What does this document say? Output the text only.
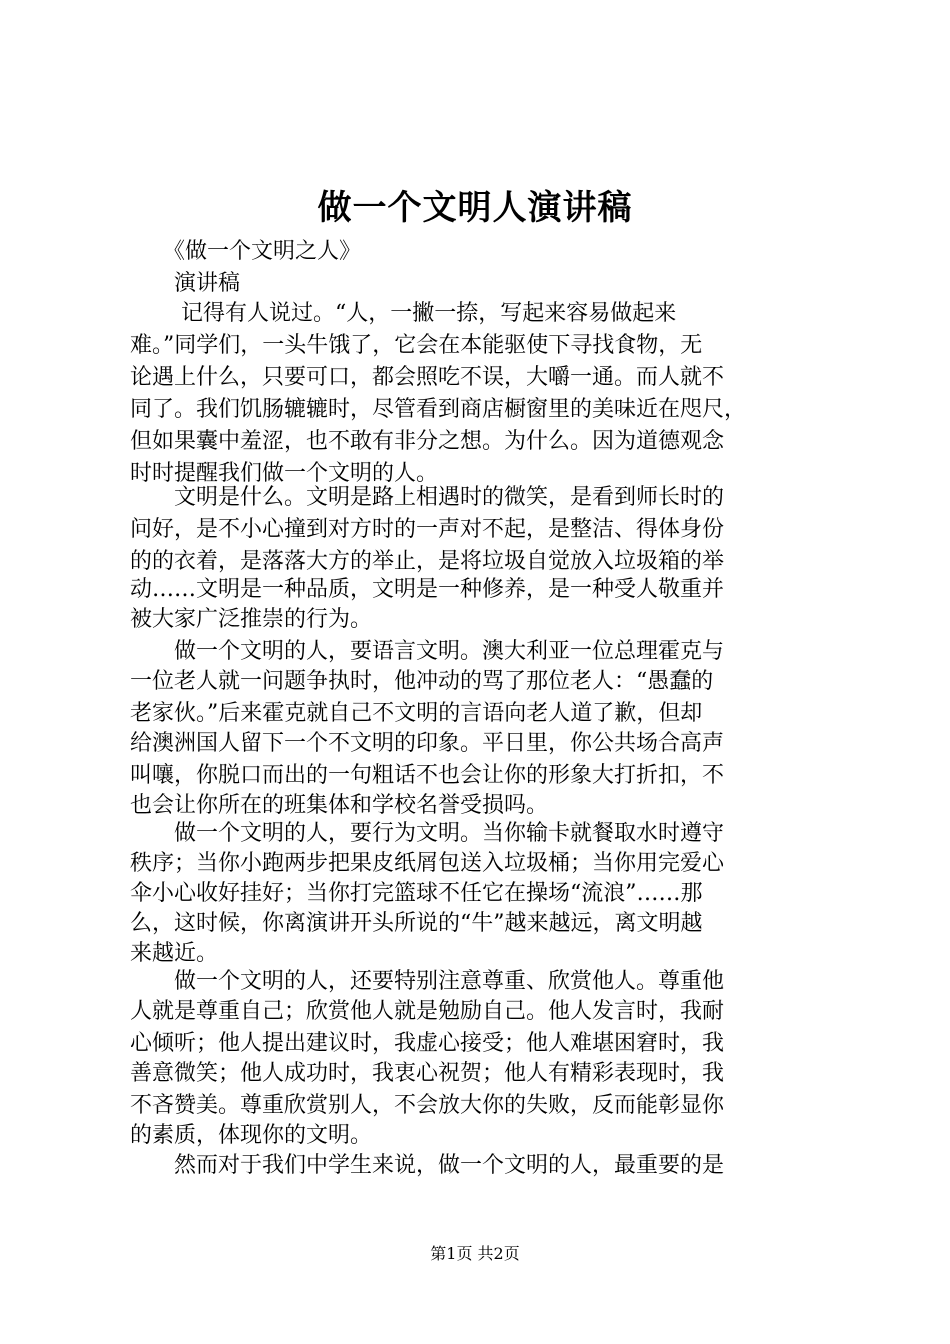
做一个文明人演讲稿
　　《做一个文明之人》
　　演讲稿
　　 记得有人说过。“人，一撇一捺，写起来容易做起来
难。”同学们，一头牛饿了，它会在本能驱使下寻找食物，无
论遇上什么，只要可口，都会照吃不误，大嚼一通。而人就不
同了。我们饥肠辘辘时，尽管看到商店橱窗里的美味近在咫尺，
但如果囊中羞涩，也不敢有非分之想。为什么。因为道德观念
时时提醒我们做一个文明的人。
　　文明是什么。文明是路上相遇时的微笑，是看到师长时的
问好，是不小心撞到对方时的一声对不起，是整洁、得体身份
的的衣着，是落落大方的举止，是将垃圾自觉放入垃圾箱的举
动……文明是一种品质，文明是一种修养，是一种受人敬重并
被大家广泛推崇的行为。
　　做一个文明的人，要语言文明。澳大利亚一位总理霍克与
一位老人就一问题争执时，他冲动的骂了那位老人：“愚蠢的
老家伙。”后来霍克就自己不文明的言语向老人道了歉，但却
给澳洲国人留下一个不文明的印象。平日里，你公共场合高声
叫嚷，你脱口而出的一句粗话不也会让你的形象大打折扣，不
也会让你所在的班集体和学校名誉受损吗。
　　做一个文明的人，要行为文明。当你输卡就餐取水时遵守
秩序；当你小跑两步把果皮纸屑包送入垃圾桶；当你用完爱心
伞小心收好挂好；当你打完篮球不任它在操场“流浪”……那
么，这时候，你离演讲开头所说的“牛”越来越远，离文明越
来越近。
　　做一个文明的人，还要特别注意尊重、欣赏他人。尊重他
人就是尊重自己；欣赏他人就是勉励自己。他人发言时，我耐
心倾听；他人提出建议时，我虚心接受；他人难堪困窘时，我
善意微笑；他人成功时，我衷心祝贺；他人有精彩表现时，我
不吝赞美。尊重欣赏别人，不会放大你的失败，反而能彰显你
的素质，体现你的文明。
　　然而对于我们中学生来说，做一个文明的人，最重要的是
第1页 共2页
